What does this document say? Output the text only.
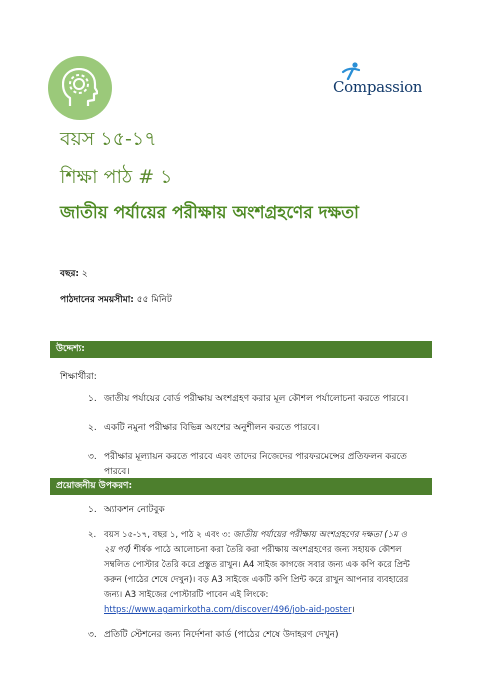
Compassion
বয়স ১৫-১৭
শিক্ষা পাঠ # ১
জাতীয় পর্যায়ের পরীক্ষায় অংশগ্রহণের দক্ষতা
বছর: ২
পাঠদানের সময়সীমা: ৫৫ মিনিট
উদ্দেশ্য:
শিক্ষার্থীরা:
১. জাতীয় পর্যায়ের বোর্ড পরীক্ষায় অংশগ্রহণ করার মূল কৌশল পর্যালোচনা করতে পারবে।
২. একটি নমুনা পরীক্ষার বিভিন্ন অংশের অনুশীলন করতে পারবে।
৩. পরীক্ষার মূল্যায়ন করতে পারবে এবং তাদের নিজেদের পারফরমেন্সের প্রতিফলন করতে পারবে।
প্রয়োজনীয় উপকরণ:
১. অ্যাকশন নোটবুক
২. বয়স ১৫-১৭, বছর ১, পাঠ ২ এবং ৩: জাতীয় পর্যায়ের পরীক্ষায় অংশগ্রহণের দক্ষতা (১ম ও ২য় পর্ব) শীর্ষক পাঠে আলোচনা করা তৈরি করা পরীক্ষায় অংশগ্রহণের জন্য সহায়ক কৌশল সম্বলিত পোস্টার তৈরি করে প্রস্তুত রাখুন। A4 সাইজ কাগজে সবার জন্য এক কপি করে প্রিন্ট করুন (পাঠের শেষে দেখুন)। বড় A3 সাইজে একটি কপি প্রিন্ট করে রাখুন আপনার ব্যবহারের জন্য। A3 সাইজের পোস্টারটি পাবেন এই লিংকে: https://www.agamirkotha.com/discover/496/job-aid-poster।
৩. প্রতিটি স্টেশনের জন্য নির্দেশনা কার্ড (পাঠের শেষে উদাহরণ দেখুন)
